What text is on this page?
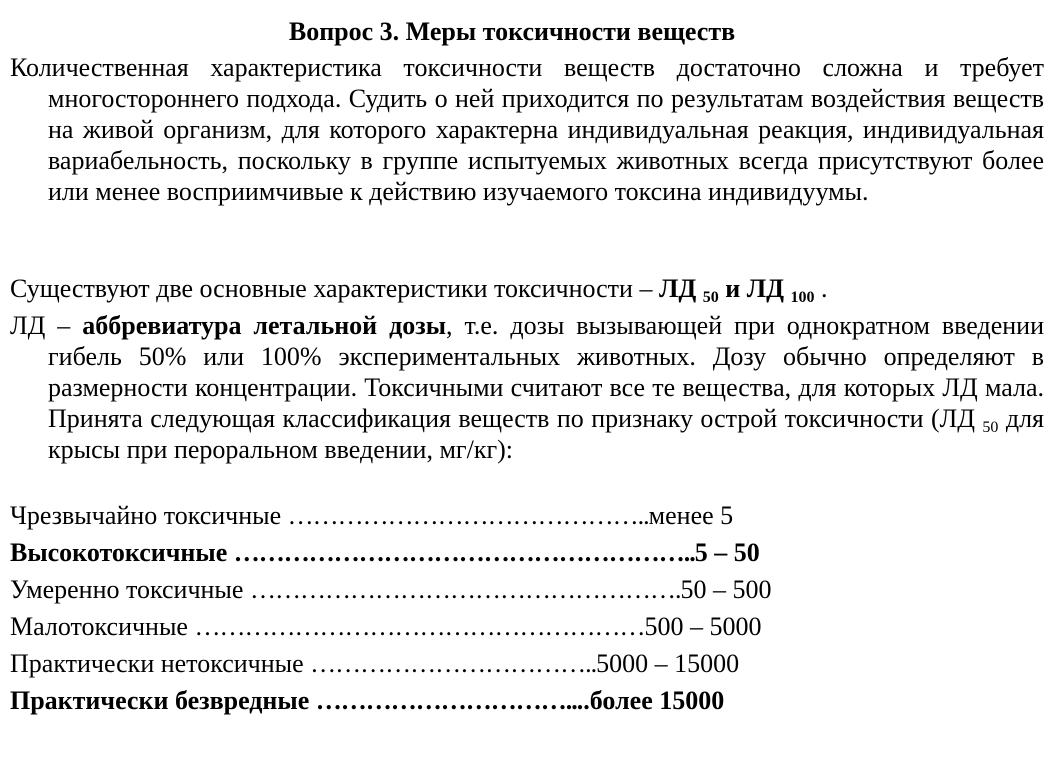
Вопрос 3. Меры токсичности веществ
Количественная характеристика токсичности веществ достаточно сложна и требует многостороннего подхода. Судить о ней приходится по результатам воздействия веществ на живой организм, для которого характерна индивидуальная реакция, индивидуальная вариабельность, поскольку в группе испытуемых животных всегда присутствуют более или менее восприимчивые к действию изучаемого токсина индивидуумы.
Существуют две основные характеристики токсичности – ЛД $_{50}$ и ЛД $_{100}$ .
ЛД – аббревиатура летальной дозы, т.е. дозы вызывающей при однократном введении гибель 50% или 100% экспериментальных животных. Дозу обычно определяют в размерности концентрации. Токсичными считают все те вещества, для которых ЛД мала. Принята следующая классификация веществ по признаку острой токсичности (ЛД $_{50}$ для крысы при пероральном введении, мг/кг):
Чрезвычайно токсичные ……………………………………..менее 5
Высокотоксичные ………………………………………………..5 – 50
Умеренно токсичные …………………………………………….50 – 500
Малотоксичные ………………………………………………500 – 5000
Практически нетоксичные ……………………………..5000 – 15000
Практически безвредные …………………………....более 15000
